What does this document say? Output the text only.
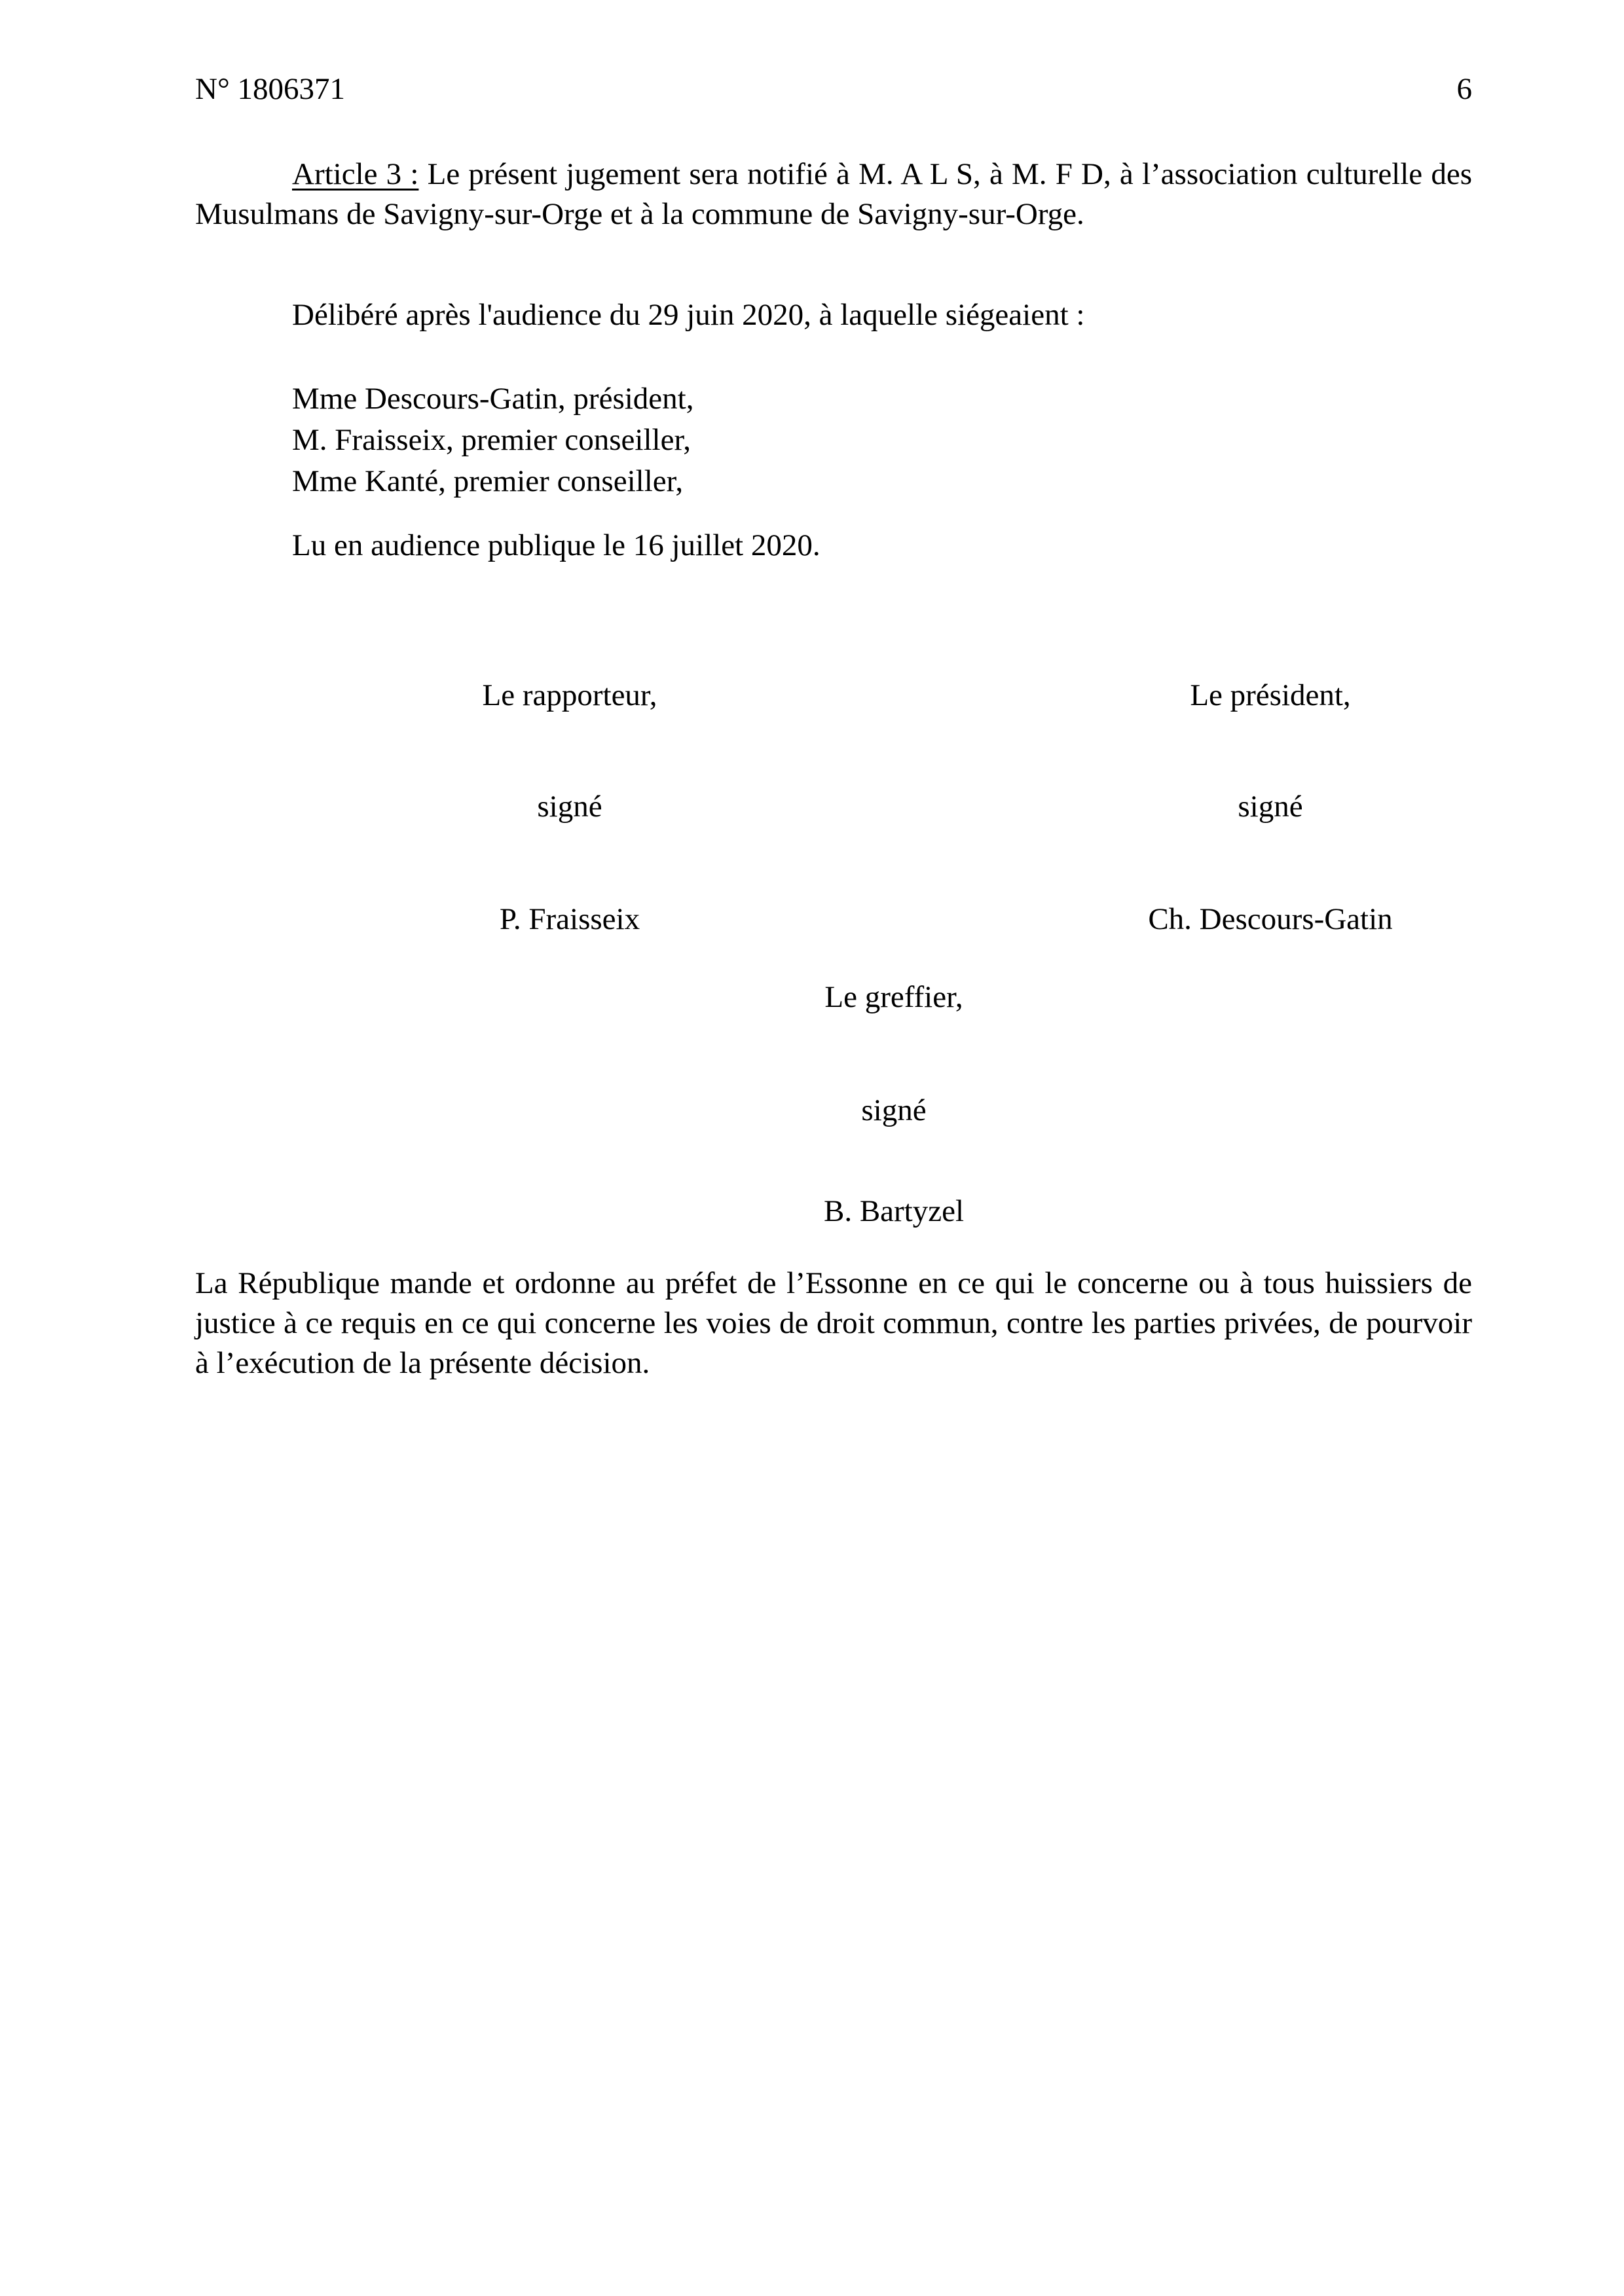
N° 1806371	6

Article 3 : Le présent jugement sera notifié à M. A L S, à M. F D, à l’association culturelle des Musulmans de Savigny-sur-Orge et à la commune de Savigny-sur-Orge.

Délibéré après l'audience du 29 juin 2020, à laquelle siégeaient :

Mme Descours-Gatin, président,
M. Fraisseix, premier conseiller,
Mme Kanté, premier conseiller,

Lu en audience publique le 16 juillet 2020.

Le rapporteur,	Le président,
signé	signé
P. Fraisseix	Ch. Descours-Gatin
Le greffier,
signé
B. Bartyzel

La République mande et ordonne au préfet de l’Essonne en ce qui le concerne ou à tous huissiers de justice à ce requis en ce qui concerne les voies de droit commun, contre les parties privées, de pourvoir à l’exécution de la présente décision.
